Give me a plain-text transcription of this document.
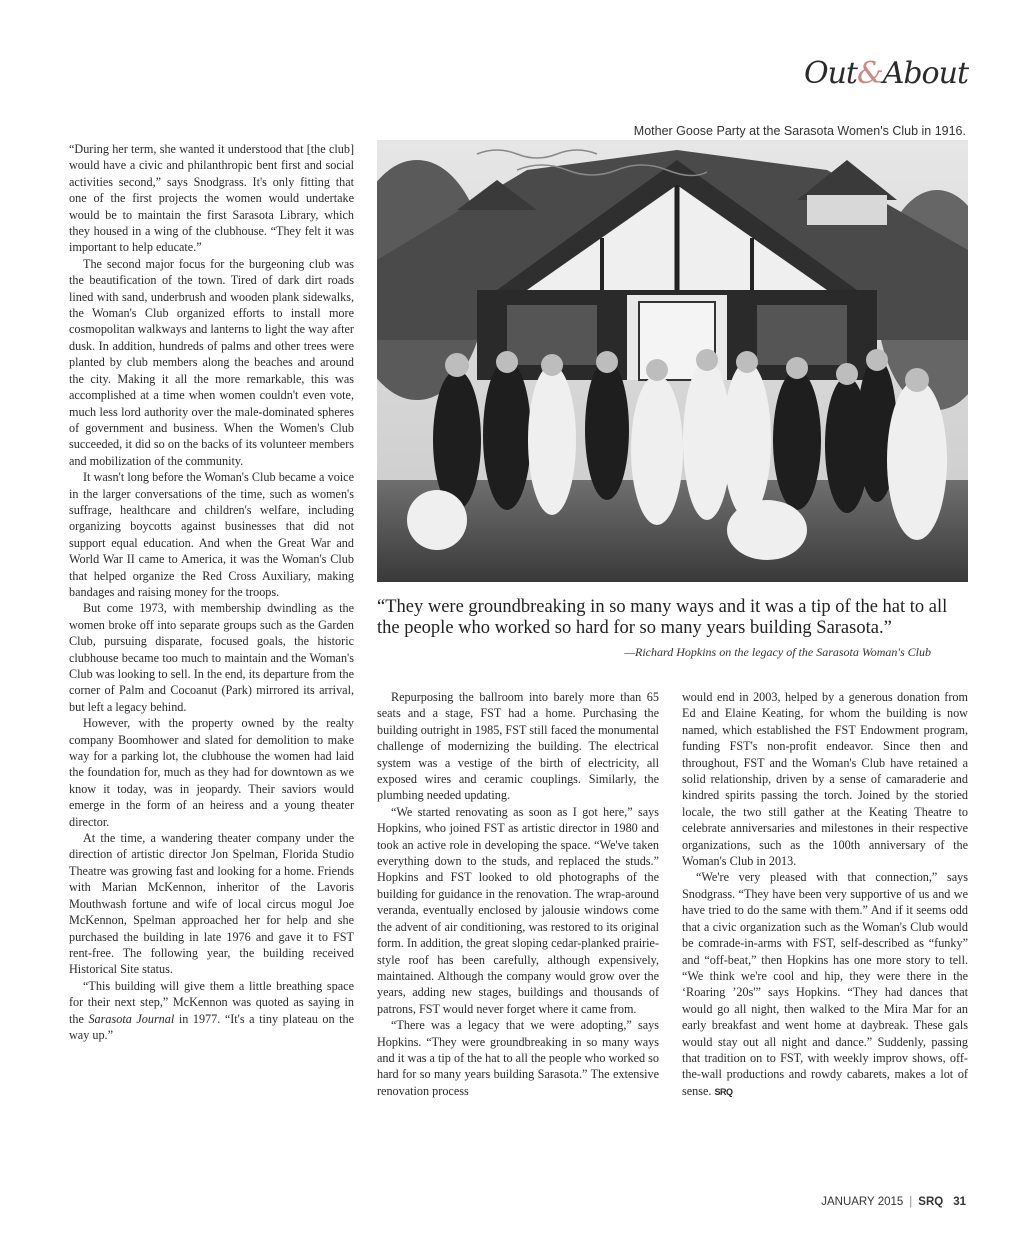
Out&About
Mother Goose Party at the Sarasota Women's Club in 1916.

“During her term, she wanted it understood that [the club] would have a civic and philanthropic bent first and social activities second,” says Snodgrass. It's only fitting that one of the first projects the women would undertake would be to maintain the first Sarasota Library, which they housed in a wing of the clubhouse. “They felt it was important to help educate.”

The second major focus for the burgeoning club was the beautification of the town. Tired of dark dirt roads lined with sand, underbrush and wooden plank sidewalks, the Woman's Club organized efforts to install more cosmopolitan walkways and lanterns to light the way after dusk. In addition, hundreds of palms and other trees were planted by club members along the beaches and around the city. Making it all the more remarkable, this was accomplished at a time when women couldn't even vote, much less lord authority over the male-dominated spheres of government and business. When the Women's Club succeeded, it did so on the backs of its volunteer members and mobilization of the community.

It wasn't long before the Woman's Club became a voice in the larger conversations of the time, such as women's suffrage, healthcare and children's welfare, including organizing boycotts against businesses that did not support equal education. And when the Great War and World War II came to America, it was the Woman's Club that helped organize the Red Cross Auxiliary, making bandages and raising money for the troops.

But come 1973, with membership dwindling as the women broke off into separate groups such as the Garden Club, pursuing disparate, focused goals, the historic clubhouse became too much to maintain and the Woman's Club was looking to sell. In the end, its departure from the corner of Palm and Cocoanut (Park) mirrored its arrival, but left a legacy behind.

However, with the property owned by the realty company Boomhower and slated for demolition to make way for a parking lot, the clubhouse the women had laid the foundation for, much as they had for downtown as we know it today, was in jeopardy. Their saviors would emerge in the form of an heiress and a young theater director.

At the time, a wandering theater company under the direction of artistic director Jon Spelman, Florida Studio Theatre was growing fast and looking for a home. Friends with Marian McKennon, inheritor of the Lavoris Mouthwash fortune and wife of local circus mogul Joe McKennon, Spelman approached her for help and she purchased the building in late 1976 and gave it to FST rent-free. The following year, the building received Historical Site status.

“This building will give them a little breathing space for their next step,” McKennon was quoted as saying in the Sarasota Journal in 1977. “It's a tiny plateau on the way up.”

“They were groundbreaking in so many ways and it was a tip of the hat to all the people who worked so hard for so many years building Sarasota.”
—Richard Hopkins on the legacy of the Sarasota Woman's Club

Repurposing the ballroom into barely more than 65 seats and a stage, FST had a home. Purchasing the building outright in 1985, FST still faced the monumental challenge of modernizing the building. The electrical system was a vestige of the birth of electricity, all exposed wires and ceramic couplings. Similarly, the plumbing needed updating.

“We started renovating as soon as I got here,” says Hopkins, who joined FST as artistic director in 1980 and took an active role in developing the space. “We've taken everything down to the studs, and replaced the studs.” Hopkins and FST looked to old photographs of the building for guidance in the renovation. The wrap-around veranda, eventually enclosed by jalousie windows come the advent of air conditioning, was restored to its original form. In addition, the great sloping cedar-planked prairie-style roof has been carefully, although expensively, maintained. Although the company would grow over the years, adding new stages, buildings and thousands of patrons, FST would never forget where it came from.

“There was a legacy that we were adopting,” says Hopkins. “They were groundbreaking in so many ways and it was a tip of the hat to all the people who worked so hard for so many years building Sarasota.” The extensive renovation process

would end in 2003, helped by a generous donation from Ed and Elaine Keating, for whom the building is now named, which established the FST Endowment program, funding FST's non-profit endeavor. Since then and throughout, FST and the Woman's Club have retained a solid relationship, driven by a sense of camaraderie and kindred spirits passing the torch. Joined by the storied locale, the two still gather at the Keating Theatre to celebrate anniversaries and milestones in their respective organizations, such as the 100th anniversary of the Woman's Club in 2013.

“We're very pleased with that connection,” says Snodgrass. “They have been very supportive of us and we have tried to do the same with them.” And if it seems odd that a civic organization such as the Woman's Club would be comrade-in-arms with FST, self-described as “funky” and “off-beat,” then Hopkins has one more story to tell. “We think we're cool and hip, they were there in the ‘Roaring ’20s'” says Hopkins. “They had dances that would go all night, then walked to the Mira Mar for an early breakfast and went home at daybreak. These gals would stay out all night and dance.” Suddenly, passing that tradition on to FST, with weekly improv shows, off-the-wall productions and rowdy cabarets, makes a lot of sense. SRQ

JANUARY 2015 | SRQ 31
